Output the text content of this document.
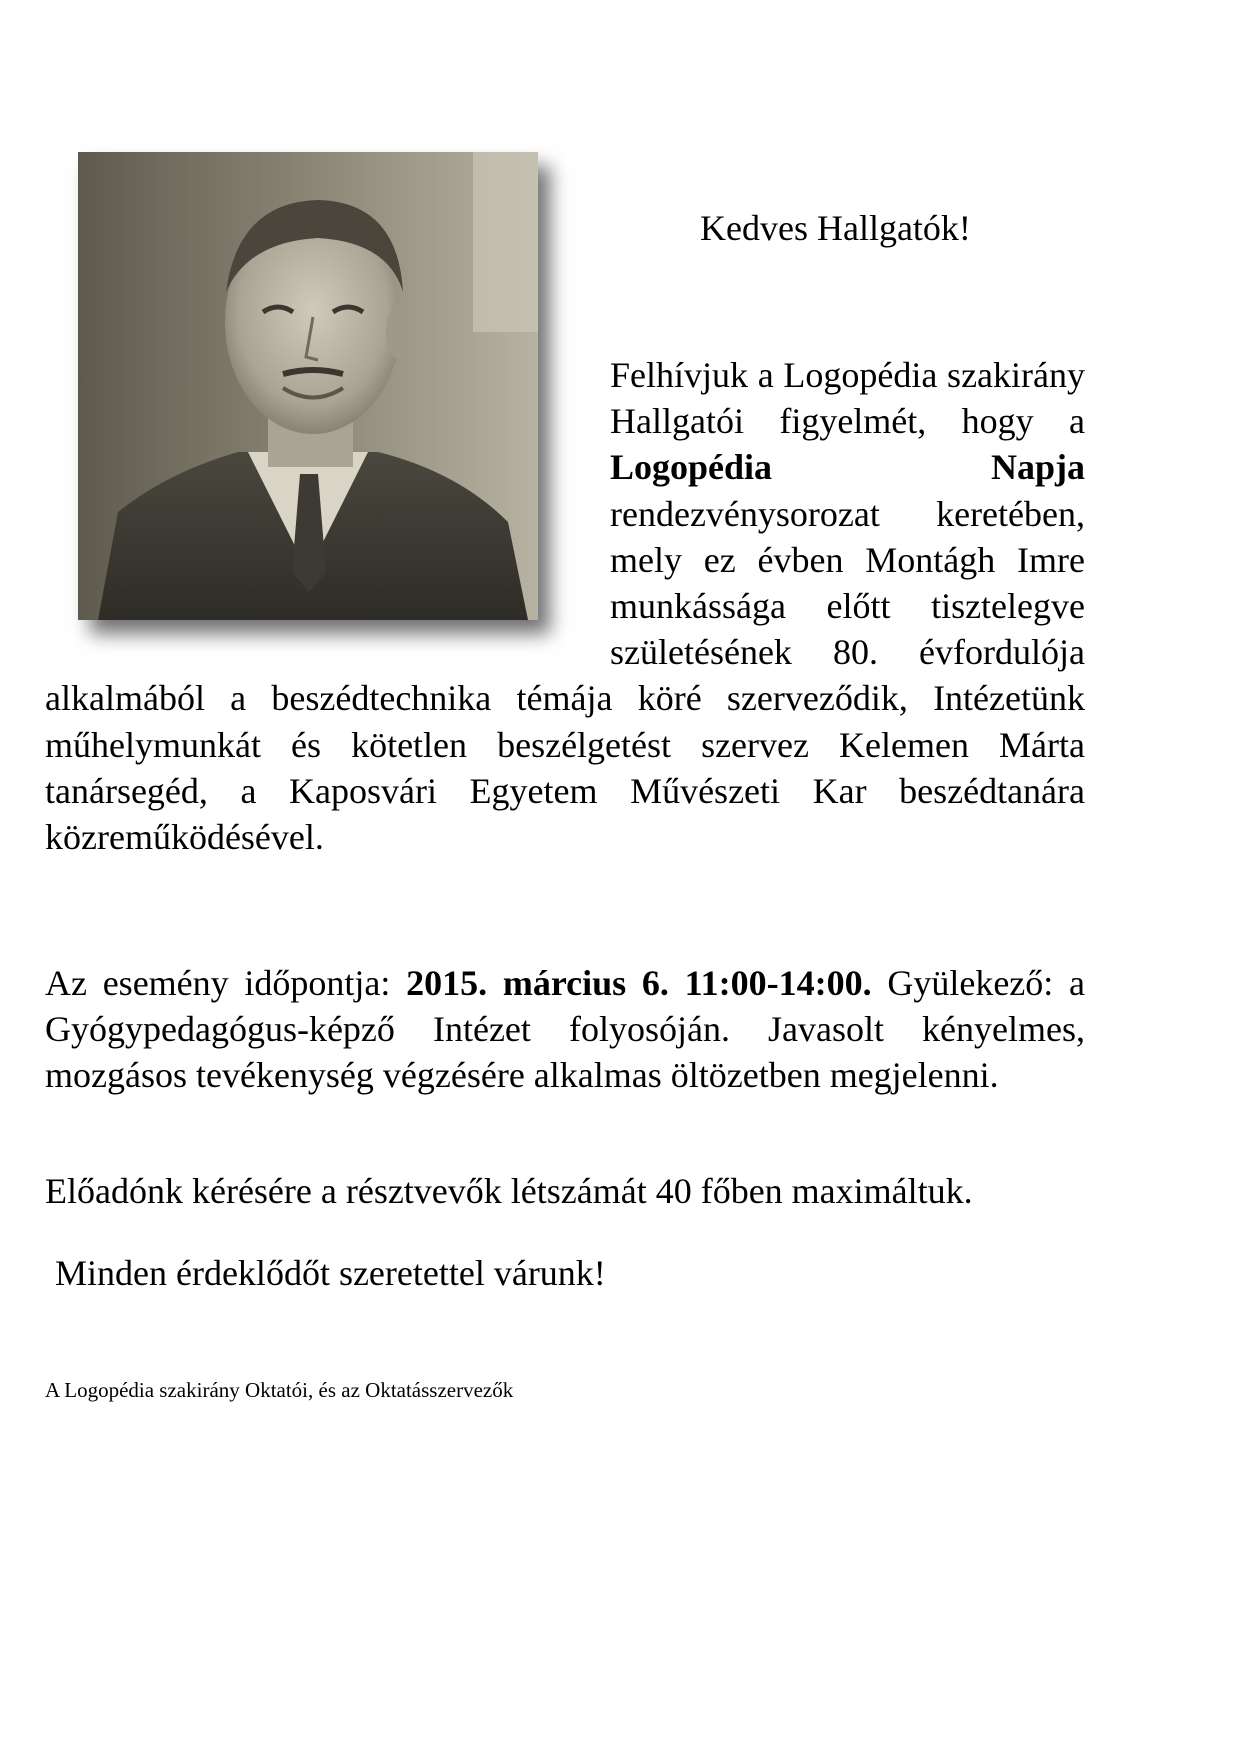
Kedves Hallgatók!
Felhívjuk a Logopédia szakirány Hallgatói figyelmét, hogy a Logopédia Napja rendezvénysorozat keretében, mely ez évben Montágh Imre munkássága előtt tisztelegve születésének 80. évfordulója alkalmából a beszédtechnika témája köré szerveződik, Intézetünk műhelymunkát és kötetlen beszélgetést szervez Kelemen Márta tanársegéd, a Kaposvári Egyetem Művészeti Kar beszédtanára közreműködésével.
Az esemény időpontja: 2015. március 6. 11:00-14:00. Gyülekező: a Gyógypedagógus-képző Intézet folyosóján. Javasolt kényelmes, mozgásos tevékenység végzésére alkalmas öltözetben megjelenni.
Előadónk kérésére a résztvevők létszámát 40 főben maximáltuk.
Minden érdeklődőt szeretettel várunk!
A Logopédia szakirány Oktatói, és az Oktatásszervezők
